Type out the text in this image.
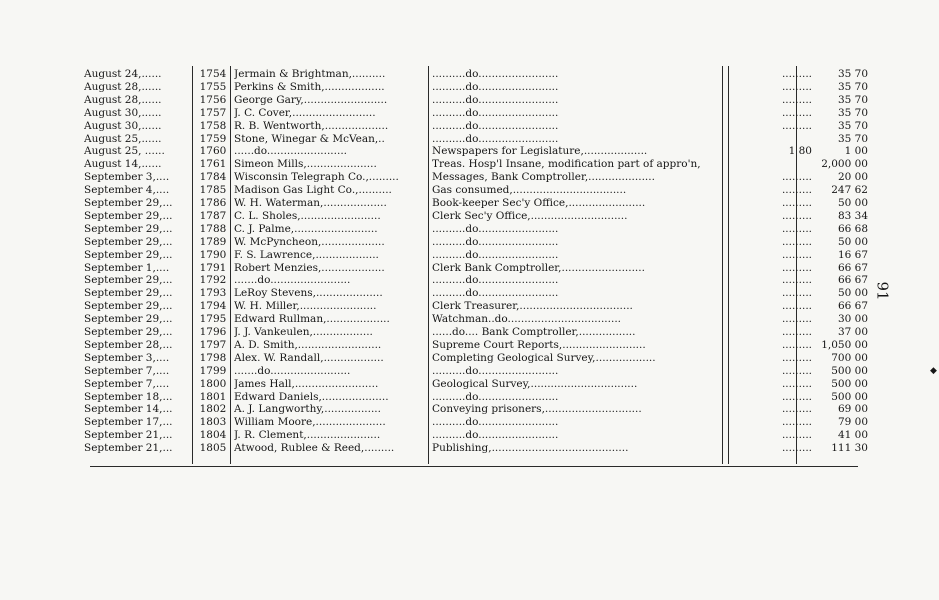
August 24,......	1754 Jermain & Brightman,..........	..........do........................	.........	35 70
August 28,......	1755 Perkins & Smith,..................	..........do........................	.........	35 70
August 28,......	1756 George Gary,.........................	..........do........................	.........	35 70
August 30,......	1757 J. C. Cover,.........................	..........do........................	.........	35 70
August 30,......	1758 R. B. Wentworth,...................	..........do........................	.........	35 70
August 25,......	1759 Stone, Winegar & McVean,..	..........do........................	35 70
August 25, ......	1760 ......do........................	Newspapers for Legislature,...................	1 80	1 00
August 14,......	1761 Simeon Mills,.....................	Treas. Hosp'l Insane, modification part of appro'n,	2,000 00
September 3,....	1784 Wisconsin Telegraph Co.,.........	Messages, Bank Comptroller,....................	.........	20 00
September 4,....	1785 Madison Gas Light Co.,..........	Gas consumed,..................................	.........	247 62
September 29,...	1786 W. H. Waterman,...................	Book-keeper Sec'y Office,.......................	.........	50 00
September 29,...	1787 C. L. Sholes,........................	Clerk Sec'y Office,.............................	.........	83 34
September 29,...	1788 C. J. Palme,.........................	..........do........................	.........	66 68
September 29,...	1789 W. McPyncheon,...................	..........do........................	.........	50 00
September 29,...	1790 F. S. Lawrence,...................	..........do........................	.........	16 67
September 1,....	1791 Robert Menzies,...................	Clerk Bank Comptroller,.........................	.........	66 67
September 29,...	1792 .......do........................	..........do........................	.........	66 67
September 29,...	1793 LeRoy Stevens,....................	..........do........................	.........	50 00
September 29,...	1794 W. H. Miller,.......................	Clerk Treasurer,..................................	.........	66 67
September 29,...	1795 Edward Rullman,...................	Watchman..do..................................	.........	30 00
September 29,...	1796 J. J. Vankeulen,..................	......do.... Bank Comptroller,.................	.........	37 00
September 28,...	1797 A. D. Smith,.........................	Supreme Court Reports,.........................	......... 1,050 00
September 3,....	1798 Alex. W. Randall,..................	Completing Geological Survey,..................	.........	700 00
September 7,....	1799 .......do........................	..........do........................	.........	500 00
September 7,....	1800 James Hall,.........................	Geological Survey,................................	.........	500 00
September 18,...	1801 Edward Daniels,....................	..........do........................	.........	500 00
September 14,...	1802 A. J. Langworthy,.................	Conveying prisoners,.............................	.........	69 00
September 17,...	1803 William Moore,.....................	..........do........................	.........	79 00
September 21,...	1804 J. R. Clement,......................	..........do........................	.........	41 00
September 21,...	1805 Atwood, Rublee & Reed,.........	Publishing,.........................................	.........	111 30
91
◆
